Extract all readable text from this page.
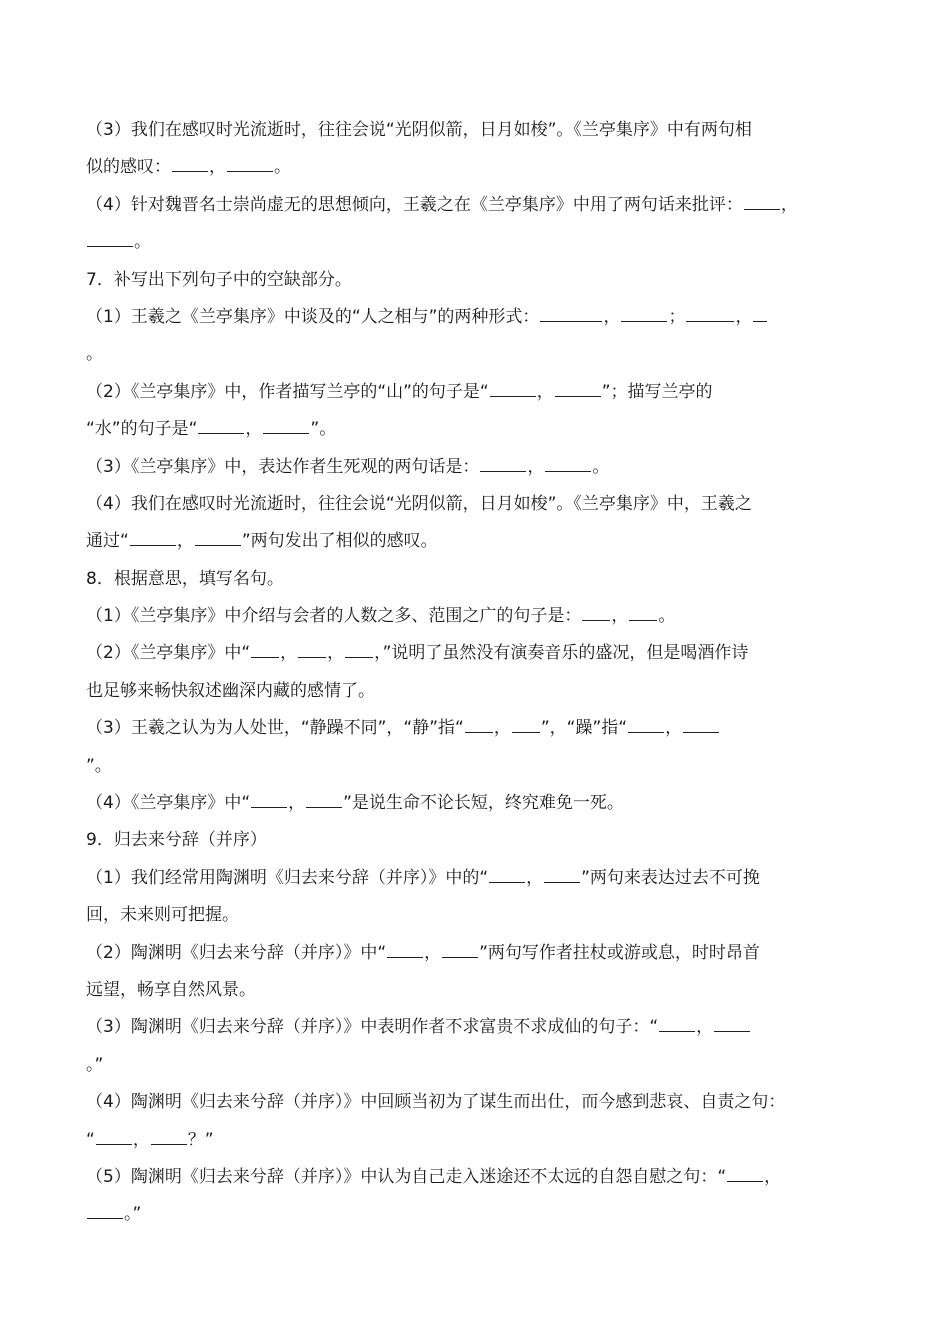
（3）我们在感叹时光流逝时，往往会说“光阴似箭，日月如梭”。《兰亭集序》中有两句相
似的感叹： ，	。
（4）针对魏晋名士崇尚虚无的思想倾向，王羲之在《兰亭集序》中用了两句话来批评： ，
。
7．补写出下列句子中的空缺部分。
（1）王羲之《兰亭集序》中谈及的“人之相与”的两种形式：	，	；	，
。
（2）《兰亭集序》中，作者描写兰亭的“山”的句子是“	，	”；描写兰亭的
“水”的句子是“	，	”。
（3）《兰亭集序》中，表达作者生死观的两句话是：	，	。
（4）我们在感叹时光流逝时，往往会说“光阴似箭，日月如梭”。《兰亭集序》中，王羲之
通过“	，	”两句发出了相似的感叹。
8．根据意思，填写名句。
（1）《兰亭集序》中介绍与会者的人数之多、范围之广的句子是： ， 。
（2）《兰亭集序》中“ ， ， ，”说明了虽然没有演奏音乐的盛况，但是喝酒作诗
也足够来畅快叙述幽深内藏的感情了。
（3）王羲之认为为人处世，“静躁不同”，“静”指“ ， ”，“躁”指“ ，
”。
（4）《兰亭集序》中“ ， ”是说生命不论长短，终究难免一死。
9．归去来兮辞（并序）
（1）我们经常用陶渊明《归去来兮辞（并序）》中的“ ， ”两句来表达过去不可挽
回，未来则可把握。
（2）陶渊明《归去来兮辞（并序）》中“ ， ”两句写作者拄杖或游或息，时时昂首
远望，畅享自然风景。
（3）陶渊明《归去来兮辞（并序）》中表明作者不求富贵不求成仙的句子：“ ，
。”
（4）陶渊明《归去来兮辞（并序）》中回顾当初为了谋生而出仕，而今感到悲哀、自责之句：
“ ， ？”
（5）陶渊明《归去来兮辞（并序）》中认为自己走入迷途还不太远的自怨自慰之句：“ ，
。”
